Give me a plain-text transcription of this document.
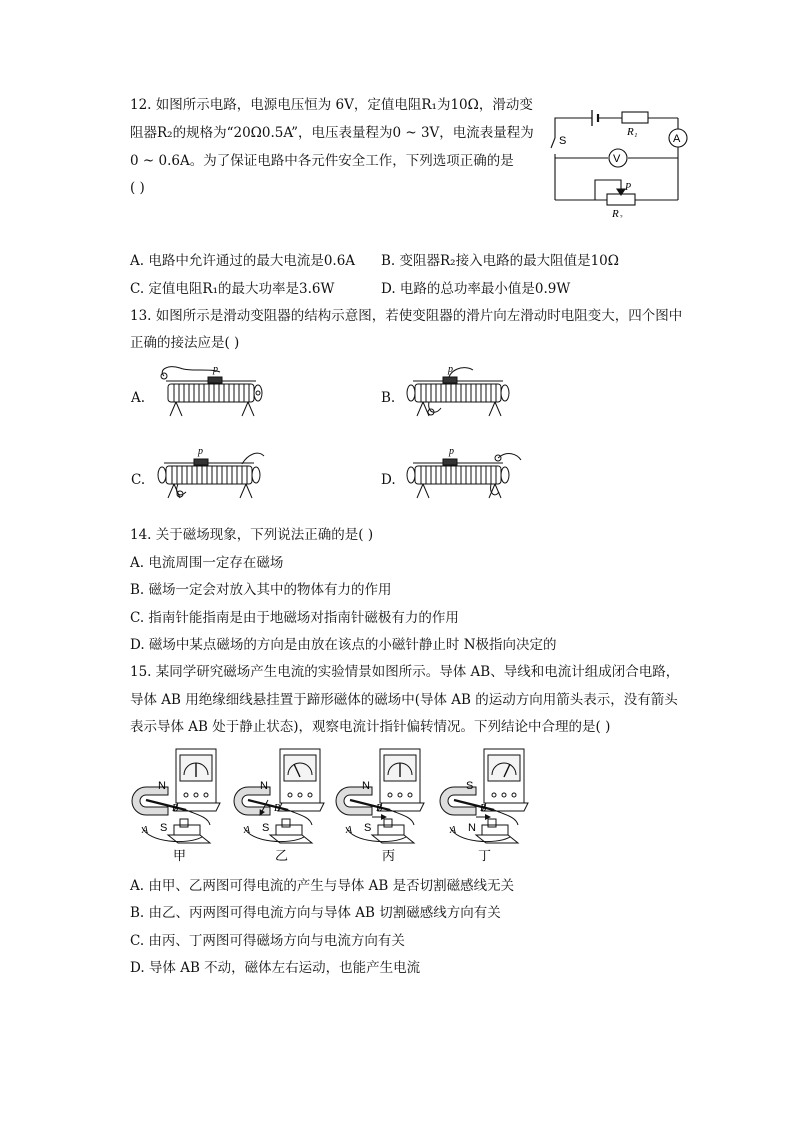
12. 如图所示电路，电源电压恒为 6V，定值电阻R₁为10Ω，滑动变
阻器R₂的规格为“20Ω0.5A”，电压表量程为0 ~ 3V，电流表量程为
0 ~ 0.6A。为了保证电路中各元件安全工作，下列选项正确的是
( )
S
R₁
A
V
P
R₂
A. 电路中允许通过的最大电流是0.6A B. 变阻器R₂接入电路的最大阻值是10Ω
C. 定值电阻R₁的最大功率是3.6W	D. 电路的总功率最小值是0.9W
13. 如图所示是滑动变阻器的结构示意图，若使变阻器的滑片向左滑动时电阻变大，四个图中
正确的接法应是( )
A.	B.
C.	D.
p	p
p	p
14. 关于磁场现象，下列说法正确的是( )
A. 电流周围一定存在磁场
B. 磁场一定会对放入其中的物体有力的作用
C. 指南针能指南是由于地磁场对指南针磁极有力的作用
D. 磁场中某点磁场的方向是由放在该点的小磁针静止时 N极指向决定的
15. 某同学研究磁场产生电流的实验情景如图所示。导体 AB、导线和电流计组成闭合电路，
导体 AB 用绝缘细线悬挂置于蹄形磁体的磁场中(导体 AB 的运动方向用箭头表示，没有箭头
表示导体 AB 处于静止状态)，观察电流计指针偏转情况。下列结论中合理的是( )
N
S
A
B
甲
N
S
A
B
乙
N
S
A
B
丙
S
N
A
B
丁
A. 由甲、乙两图可得电流的产生与导体 AB 是否切割磁感线无关
B. 由乙、丙两图可得电流方向与导体 AB 切割磁感线方向有关
C. 由丙、丁两图可得磁场方向与电流方向有关
D. 导体 AB 不动，磁体左右运动，也能产生电流
